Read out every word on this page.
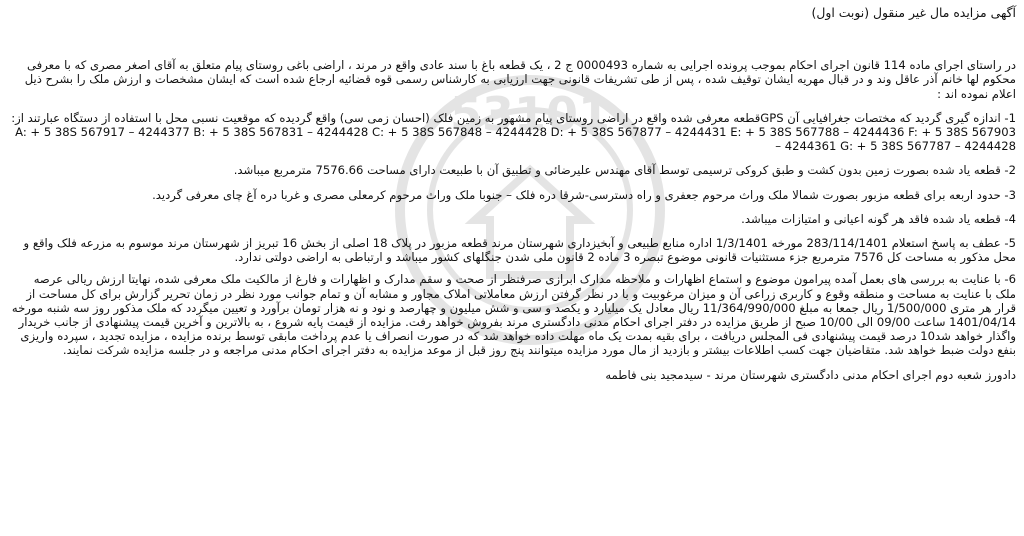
53101
آگهی مزایده مال غیر منقول (نوبت اول)
در راستای اجرای ماده 114 قانون اجرای احکام بموجب پرونده اجرایی به شماره 0000493 ج 2 ، یک قطعه باغ با سند عادی واقع در مرند ، اراضی باغی روستای پیام متعلق به آقای اصغر مصری که با معرفی محکوم لها خانم آذر عاقل وند و در قبال مهریه ایشان توقیف شده ، پس از طی تشریفات قانونی جهت ارزیابی به کارشناس رسمی قوه قضائیه ارجاع شده است که ایشان مشخصات و ارزش ملک را بشرح ذیل اعلام نموده اند :
1- اندازه گیری گردید که مختصات جغرافیایی آن GPSقطعه معرفی شده واقع در اراضی روستای پیام مشهور به زمین فلک (احسان زمی سی) واقع گردیده که موقعیت نسبی محل با استفاده از دستگاه عبارتند از: A: + 5 38S 567917 – 4244377 B: + 5 38S 567831 – 4244428 C: + 5 38S 567848 – 4244428 D: + 5 38S 567877 – 4244431 E: + 5 38S 567788 – 4244436 F: + 5 38S 567903 – 4244361 G: + 5 38S 567787 – 4244428
2- قطعه یاد شده بصورت زمین بدون کشت و طبق کروکی ترسیمی توسط آقای مهندس علیرضائی و تطبیق آن با طبیعت دارای مساحت 7576.66 مترمربع میباشد.
3- حدود اربعه برای قطعه مزبور بصورت شمالا ملک وراث مرحوم جعفری و راه دسترسی-شرقا دره فلک – جنوبا ملک وراث مرحوم کرمعلی مصری و غربا دره آغ چای معرفی گردید.
4- قطعه یاد شده فاقد هر گونه اعیانی و امتیازات میباشد.
5- عطف به پاسخ استعلام 283/114/1401 مورخه 1/3/1401 اداره منابع طبیعی و آبخیزداری شهرستان مرند قطعه مزبور در پلاک 18 اصلی از بخش 16 تبریز از شهرستان مرند موسوم به مزرعه فلک واقع و محل مذکور به مساحت کل 7576 مترمربع جزء مستثنیات قانونی موضوع تبصره 3 ماده 2 قانون ملی شدن جنگلهای کشور میباشد و ارتباطی به اراضی دولتی ندارد.
6- با عنایت به بررسی های بعمل آمده پیرامون موضوع و استماع اظهارات و ملاحظه مدارک ابرازی صرفنظر از صحت و سقم مدارک و اظهارات و فارغ از مالکیت ملک معرفی شده، نهایتا ارزش ریالی عرصه ملک با عنایت به مساحت و منطقه وقوع و کاربری زراعی آن و میزان مرغوبیت و با در نظر گرفتن ارزش معاملاتی املاک مجاور و مشابه آن و تمام جوانب مورد نظر در زمان تحریر گزارش برای کل مساحت از قرار هر متری 1/500/000 ریال جمعا به مبلغ 11/364/990/000 ریال معادل یک میلیارد و یکصد و سی و شش میلیون و چهارصد و نود و نه هزار تومان برآورد و تعیین میگردد که ملک مذکور روز سه شنبه مورخه 1401/04/14 ساعت 09/00 الی 10/00 صبح از طریق مزایده در دفتر اجرای احکام مدنی دادگستری مرند بفروش خواهد رفت. مزایده از قیمت پایه شروع ، به بالاترین و آخرین قیمت پیشنهادی از جانب خریدار واگذار خواهد شد10 درصد قیمت پیشنهادی فی المجلس دریافت ، برای بقیه بمدت یک ماه مهلت داده خواهد شد که در صورت انصراف یا عدم پرداخت مابقی توسط برنده مزایده ، مزایده تجدید ، سپرده واریزی بنفع دولت ضبط خواهد شد. متقاضیان جهت کسب اطلاعات بیشتر و بازدید از مال مورد مزایده میتوانند پنج روز قبل از موعد مزایده به دفتر اجرای احکام مدنی مراجعه و در جلسه مزایده شرکت نمایند.
دادورز شعبه دوم اجرای احکام مدنی دادگستری شهرستان مرند - سیدمجید بنی فاطمه
